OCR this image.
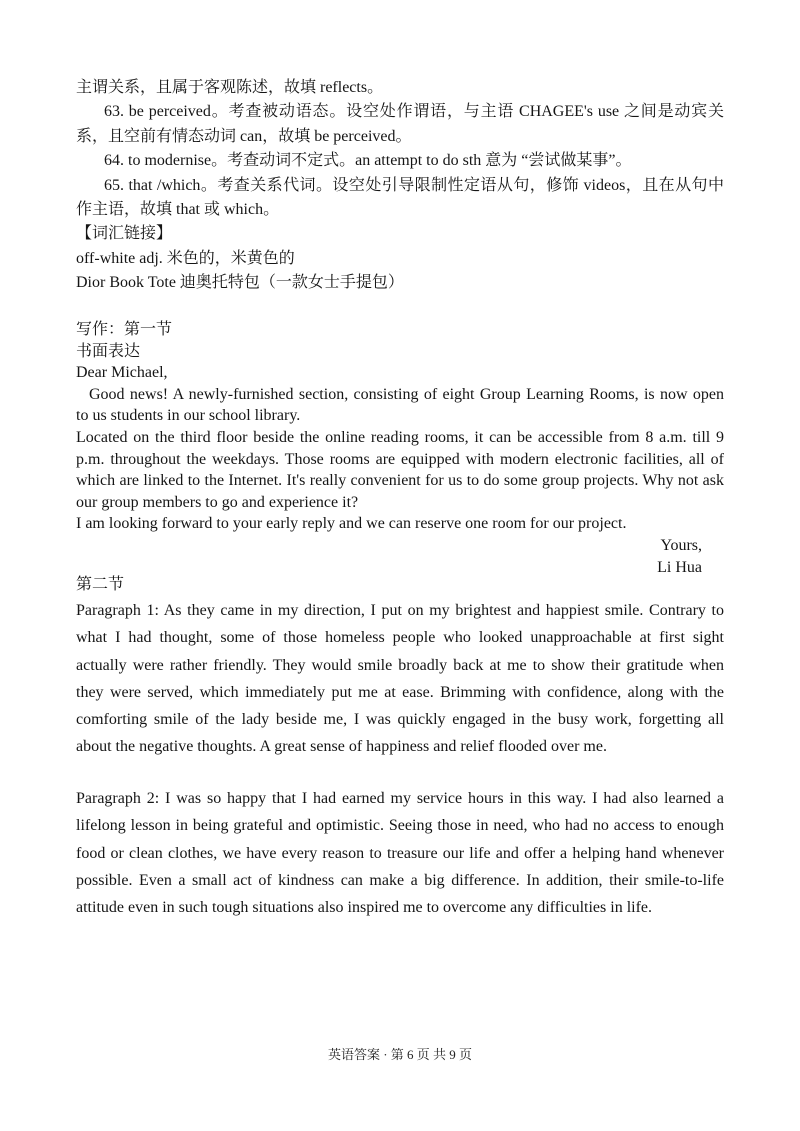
主谓关系，且属于客观陈述，故填 reflects。
63. be perceived。考查被动语态。设空处作谓语，与主语 CHAGEE's use 之间是动宾关
系，且空前有情态动词 can，故填 be perceived。
64. to modernise。考查动词不定式。an attempt to do sth 意为 “尝试做某事”。
65. that /which。考查关系代词。设空处引导限制性定语从句，修饰 videos，且在从句中
作主语，故填 that 或 which。
【词汇链接】
off-white adj. 米色的，米黄色的
Dior Book Tote 迪奥托特包（一款女士手提包）
写作：第一节
书面表达
Dear Michael,
Good news! A newly-furnished section, consisting of eight Group Learning Rooms, is now open
to us students in our school library.
Located on the third floor beside the online reading rooms, it can be accessible from 8 a.m. till 9
p.m. throughout the weekdays. Those rooms are equipped with modern electronic facilities, all of
which are linked to the Internet. It's really convenient for us to do some group projects. Why not ask
our group members to go and experience it?
I am looking forward to your early reply and we can reserve one room for our project.
Yours,
Li Hua
第二节
Paragraph 1: As they came in my direction, I put on my brightest and happiest smile. Contrary to
what I had thought, some of those homeless people who looked unapproachable at first sight
actually were rather friendly. They would smile broadly back at me to show their gratitude when
they were served, which immediately put me at ease. Brimming with confidence, along with the
comforting smile of the lady beside me, I was quickly engaged in the busy work, forgetting all
about the negative thoughts. A great sense of happiness and relief flooded over me.
Paragraph 2: I was so happy that I had earned my service hours in this way. I had also learned a
lifelong lesson in being grateful and optimistic. Seeing those in need, who had no access to enough
food or clean clothes, we have every reason to treasure our life and offer a helping hand whenever
possible. Even a small act of kindness can make a big difference. In addition, their smile-to-life
attitude even in such tough situations also inspired me to overcome any difficulties in life.
英语答案 · 第 6 页 共 9 页
